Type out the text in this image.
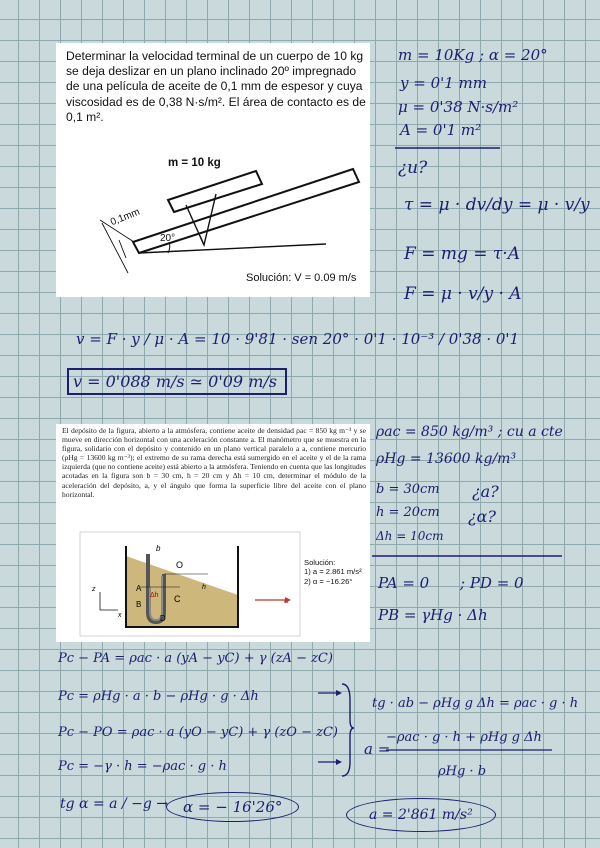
Determinar la velocidad terminal de un cuerpo de 10 kg se deja deslizar en un plano inclinado 20º impregnado de una película de aceite de 0,1 mm de espesor y cuya viscosidad es de 0,38 N·s/m². El área de contacto es de 0,1 m².
m = 10 kg
0,1mm
20°
Solución: V = 0.09 m/s
m = 10Kg ; α = 20°
y = 0'1 mm
μ = 0'38 N·s/m²
A = 0'1 m²
¿u?
τ = μ · dv/dy = μ · v/y
F = mg = τ·A
F = μ · v/y · A
v = F · y / μ · A = 10 · 9'81 · sen 20° · 0'1 · 10⁻³ / 0'38 · 0'1
v = 0'088 m/s ≃ 0'09 m/s
El depósito de la figura, abierto a la atmósfera, contiene aceite de densidad ρac = 850 kg m⁻³ y se mueve en dirección horizontal con una aceleración constante a. El manómetro que se muestra en la figura, solidario con el depósito y contenido en un plano vertical paralelo a a, contiene mercurio (ρHg = 13600 kg m⁻³); el extremo de su rama derecha está sumergido en el aceite y el de la rama izquierda (que no contiene aceite) está abierto a la atmósfera. Teniendo en cuenta que las longitudes acotadas en la figura son b = 30 cm, h = 20 cm y Δh = 10 cm, determinar el módulo de la aceleración del depósito, a, y el ángulo que forma la superficie libre del aceite con el plano horizontal.
b
O
Δh C
h
A
B
D
a
z
x
Solución:
1) a = 2.861 m/s²
2) α = −16.26°
ρac = 850 kg/m³ ; cu a cte
ρHg = 13600 kg/m³
b = 30cm
h = 20cm
Δh = 10cm
¿a?
¿α?
PA = 0 ; PD = 0
PB = γHg · Δh
Pc − PA = ρac · a (yA − yC) + γ (zA − zC)
Pc = ρHg · a · b − ρHg · g · Δh
Pc − PO = ρac · a (yO − yC) + γ (zO − zC)
Pc = −γ · h = −ρac · g · h
tg · ab − ρHg g Δh = ρac · g · h
a =
−ρac · g · h + ρHg g Δh
ρHg · b
tg α = a / −g →	α = − 16'26°	a = 2'861 m/s²
